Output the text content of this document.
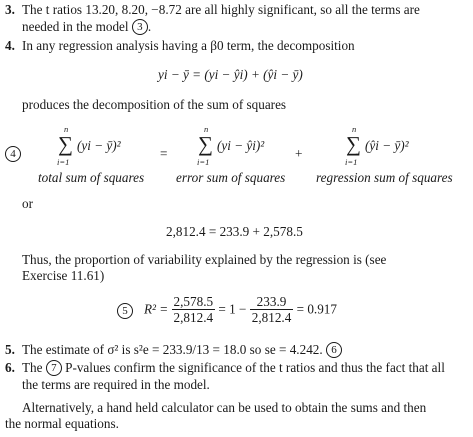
3. The t ratios 13.20, 8.20, −8.72 are all highly significant, so all the terms are
needed in the model 3 .
4. In any regression analysis having a β0 term, the decomposition
yi − ȳ = (yi − ŷi) + (ŷi − ȳ)
produces the decomposition of the sum of squares
4
n
∑
i=1
(yi − ȳ)²
=
n
∑
i=1
(yi − ŷi)²
+
n
∑
i=1
(ŷi − ȳ)²
total sum of squares error sum of squares regression sum of squares
or
2,812.4 = 233.9 + 2,578.5
Thus, the proportion of variability explained by the regression is (see
Exercise 11.61)
5	$R^2 = \frac{2,578.5}{2,812.4} = 1 - \frac{233.9}{2,812.4} = 0.917$
5. The estimate of σ² is s²e = 233.9/13 = 18.0 so se = 4.242. 6
6. The 7 P-values confirm the significance of the t ratios and thus the fact that all
the terms are required in the model.
Alternatively, a hand held calculator can be used to obtain the sums and then
the normal equations.
